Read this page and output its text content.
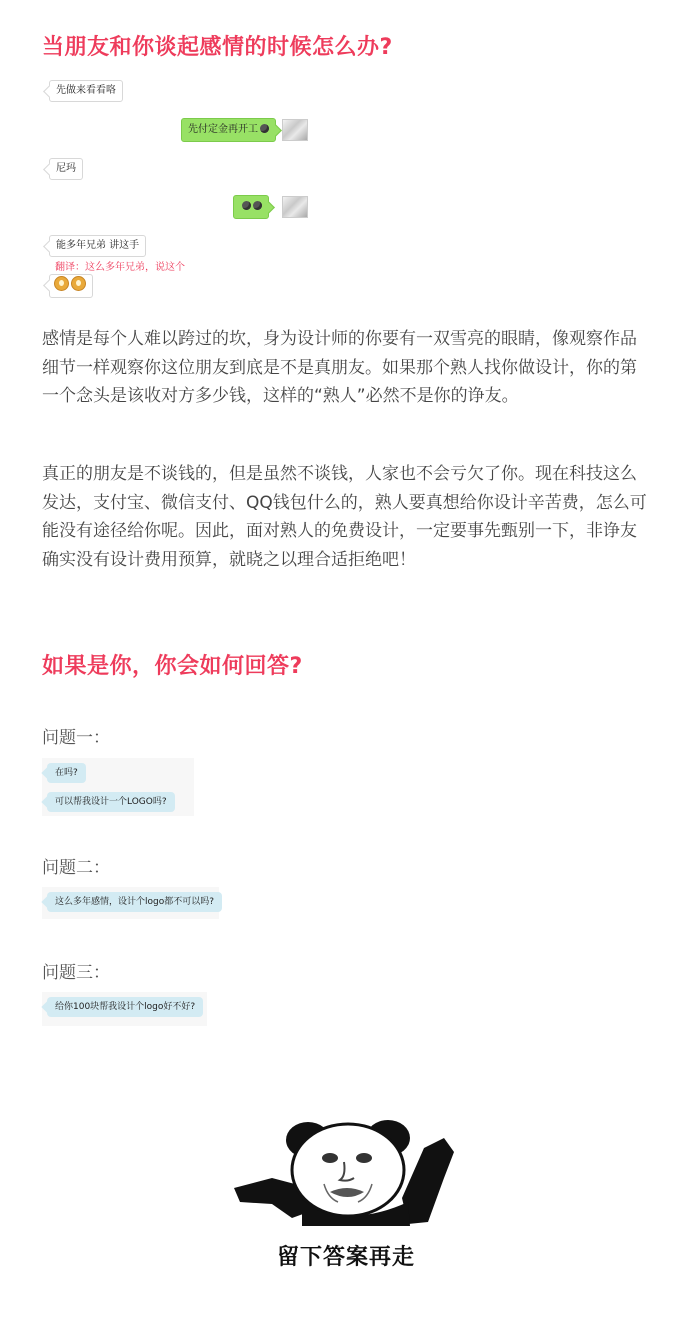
当朋友和你谈起感情的时候怎么办?
先做来看看咯
先付定金再开工
尼玛
能多年兄弟 讲这手
翻译：这么多年兄弟，说这个
感情是每个人难以跨过的坎，身为设计师的你要有一双雪亮的眼睛，像观察作品细节一样观察你这位朋友到底是不是真朋友。如果那个熟人找你做设计，你的第一个念头是该收对方多少钱，这样的“熟人”必然不是你的诤友。
真正的朋友是不谈钱的，但是虽然不谈钱，人家也不会亏欠了你。现在科技这么发达，支付宝、微信支付、QQ钱包什么的，熟人要真想给你设计辛苦费，怎么可能没有途径给你呢。因此，面对熟人的免费设计，一定要事先甄别一下，非诤友确实没有设计费用预算，就晓之以理合适拒绝吧！
如果是你，你会如何回答?
问题一：
在吗?
可以帮我设计一个LOGO吗?
问题二：
这么多年感情，设计个logo都不可以吗?
问题三：
给你100块帮我设计个logo好不好?
留下答案再走
